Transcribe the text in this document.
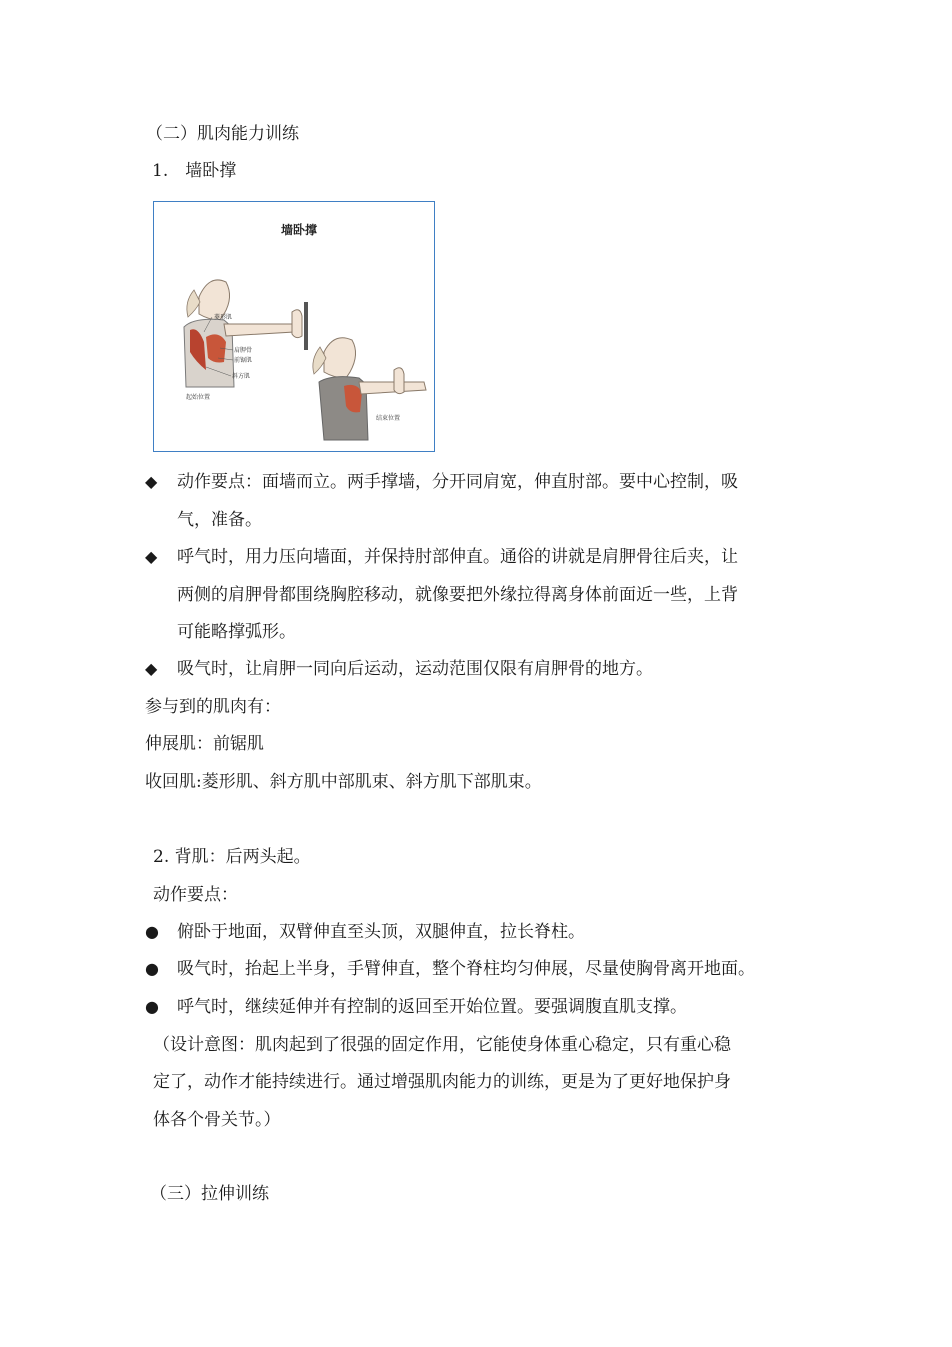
（二）肌肉能力训练
1.　墙卧撑
墙卧撑
菱形肌
肩胛骨
前锯肌
斜方肌
起始位置
结束位置
◆ 动作要点：面墙而立。两手撑墙，分开同肩宽，伸直肘部。要中心控制，吸
气，准备。
◆ 呼气时，用力压向墙面，并保持肘部伸直。通俗的讲就是肩胛骨往后夹，让
两侧的肩胛骨都围绕胸腔移动，就像要把外缘拉得离身体前面近一些，上背
可能略撑弧形。
◆ 吸气时，让肩胛一同向后运动，运动范围仅限有肩胛骨的地方。
参与到的肌肉有：
伸展肌：前锯肌
收回肌:菱形肌、斜方肌中部肌束、斜方肌下部肌束。
2. 背肌：后两头起。
动作要点：
● 俯卧于地面，双臂伸直至头顶，双腿伸直，拉长脊柱。
● 吸气时，抬起上半身，手臂伸直，整个脊柱均匀伸展，尽量使胸骨离开地面。
● 呼气时，继续延伸并有控制的返回至开始位置。要强调腹直肌支撑。
（设计意图：肌肉起到了很强的固定作用，它能使身体重心稳定，只有重心稳
定了，动作才能持续进行。通过增强肌肉能力的训练，更是为了更好地保护身
体各个骨关节。）
（三）拉伸训练
